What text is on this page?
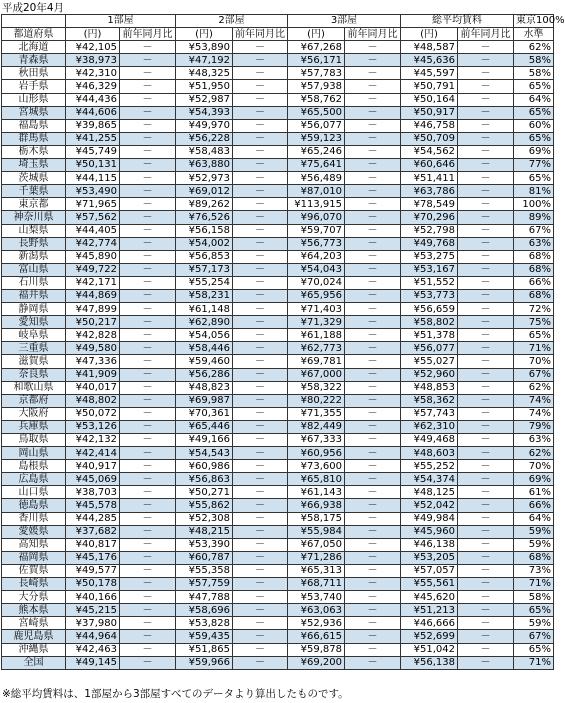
平成20年4月
	1部屋		2部屋		3部屋		総平均賃料		東京100%
都道府県	(円)	前年同月比	(円)	前年同月比	(円)	前年同月比	(円)	前年同月比	水準
北海道	¥42,105	－	¥53,890	－	¥67,268	－	¥48,587	－	62%
青森県	¥38,973	－	¥47,192	－	¥56,171	－	¥45,636	－	58%
秋田県	¥42,310	－	¥48,325	－	¥57,783	－	¥45,597	－	58%
岩手県	¥46,329	－	¥51,950	－	¥57,938	－	¥50,791	－	65%
山形県	¥44,436	－	¥52,987	－	¥58,762	－	¥50,164	－	64%
宮城県	¥44,606	－	¥54,393	－	¥65,500	－	¥50,917	－	65%
福島県	¥39,865	－	¥49,970	－	¥56,077	－	¥46,758	－	60%
群馬県	¥41,255	－	¥56,228	－	¥59,123	－	¥50,709	－	65%
栃木県	¥45,749	－	¥58,483	－	¥65,246	－	¥54,562	－	69%
埼玉県	¥50,131	－	¥63,880	－	¥75,641	－	¥60,646	－	77%
茨城県	¥44,115	－	¥52,973	－	¥56,489	－	¥51,411	－	65%
千葉県	¥53,490	－	¥69,012	－	¥87,010	－	¥63,786	－	81%
東京都	¥71,965	－	¥89,262	－	¥113,915	－	¥78,549	－	100%
神奈川県	¥57,562	－	¥76,526	－	¥96,070	－	¥70,296	－	89%
山梨県	¥44,405	－	¥56,158	－	¥59,707	－	¥52,798	－	67%
長野県	¥42,774	－	¥54,002	－	¥56,773	－	¥49,768	－	63%
新潟県	¥45,890	－	¥56,853	－	¥64,203	－	¥53,275	－	68%
富山県	¥49,722	－	¥57,173	－	¥54,043	－	¥53,167	－	68%
石川県	¥42,171	－	¥55,254	－	¥70,024	－	¥51,552	－	66%
福井県	¥44,869	－	¥58,231	－	¥65,956	－	¥53,773	－	68%
静岡県	¥47,899	－	¥61,148	－	¥71,403	－	¥56,659	－	72%
愛知県	¥50,217	－	¥62,890	－	¥71,329	－	¥58,802	－	75%
岐阜県	¥42,828	－	¥54,056	－	¥61,188	－	¥51,378	－	65%
三重県	¥49,580	－	¥58,446	－	¥62,773	－	¥56,077	－	71%
滋賀県	¥47,336	－	¥59,460	－	¥69,781	－	¥55,027	－	70%
奈良県	¥41,909	－	¥56,286	－	¥67,000	－	¥52,960	－	67%
和歌山県	¥40,017	－	¥48,823	－	¥58,322	－	¥48,853	－	62%
京都府	¥48,802	－	¥69,987	－	¥80,222	－	¥58,362	－	74%
大阪府	¥50,072	－	¥70,361	－	¥71,355	－	¥57,743	－	74%
兵庫県	¥53,126	－	¥65,446	－	¥82,449	－	¥62,310	－	79%
鳥取県	¥42,132	－	¥49,166	－	¥67,333	－	¥49,468	－	63%
岡山県	¥42,414	－	¥54,543	－	¥60,956	－	¥48,603	－	62%
島根県	¥40,917	－	¥60,986	－	¥73,600	－	¥55,252	－	70%
広島県	¥45,069	－	¥56,863	－	¥65,810	－	¥54,374	－	69%
山口県	¥38,703	－	¥50,271	－	¥61,143	－	¥48,125	－	61%
徳島県	¥45,578	－	¥55,862	－	¥66,938	－	¥52,042	－	66%
香川県	¥44,285	－	¥52,308	－	¥58,175	－	¥49,984	－	64%
愛媛県	¥37,682	－	¥48,215	－	¥55,984	－	¥45,960	－	59%
高知県	¥40,817	－	¥53,390	－	¥67,050	－	¥46,138	－	59%
福岡県	¥45,176	－	¥60,787	－	¥71,286	－	¥53,205	－	68%
佐賀県	¥49,577	－	¥55,358	－	¥65,313	－	¥57,057	－	73%
長崎県	¥50,178	－	¥57,759	－	¥68,711	－	¥55,561	－	71%
大分県	¥40,166	－	¥47,788	－	¥53,740	－	¥45,620	－	58%
熊本県	¥45,215	－	¥58,696	－	¥63,063	－	¥51,213	－	65%
宮崎県	¥37,980	－	¥53,828	－	¥52,936	－	¥46,666	－	59%
鹿児島県	¥44,964	－	¥59,435	－	¥66,615	－	¥52,699	－	67%
沖縄県	¥42,463	－	¥51,865	－	¥59,878	－	¥51,042	－	65%
全国	¥49,145	－	¥59,966	－	¥69,200	－	¥56,138	－	71%
※総平均賃料は、1部屋から3部屋すべてのデータより算出したものです。
